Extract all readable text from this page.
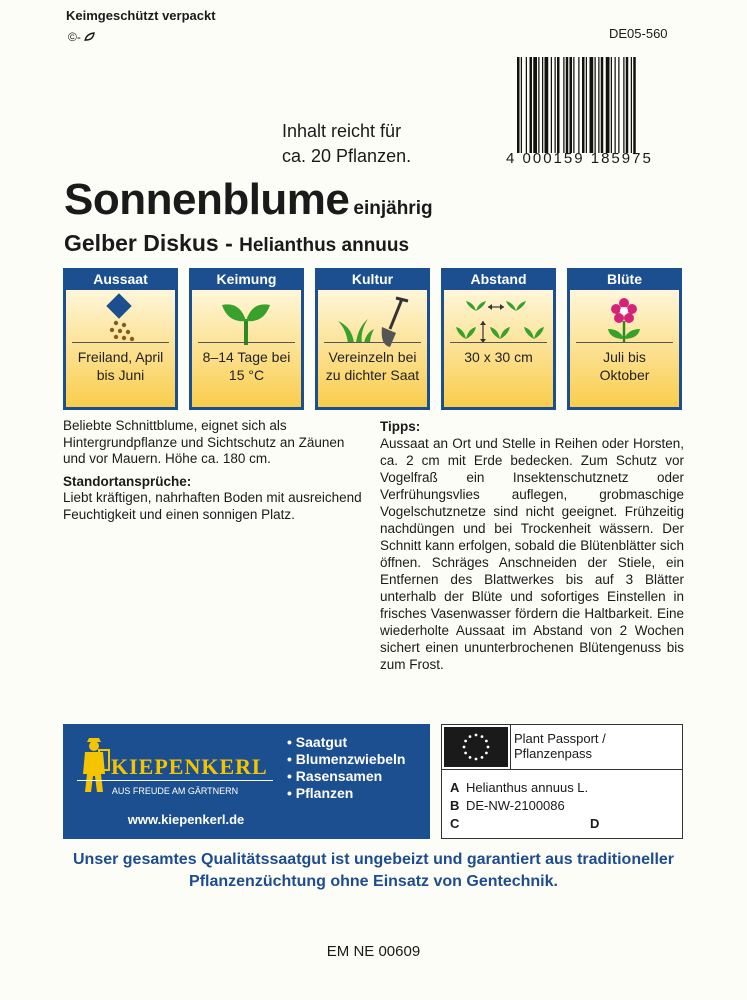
Keimgeschützt verpackt
©-	DE05-560
4 000159 185975
Inhalt reicht für
ca. 20 Pflanzen.
Sonnenblume einjährig
Gelber Diskus - Helianthus annuus
Aussaat
Freiland, April
bis Juni
Keimung
8–14 Tage bei
15 °C
Kultur
Vereinzeln bei
zu dichter Saat
Abstand
30 x 30 cm
Blüte
Juli bis
Oktober

Beliebte Schnittblume, eignet sich als Hintergrundpflanze und Sichtschutz an Zäunen und vor Mauern. Höhe ca. 180 cm.

Standortansprüche:

Liebt kräftigen, nahrhaften Boden mit ausreichend Feuchtigkeit und einen sonnigen Platz.

Tipps:
Aussaat an Ort und Stelle in Reihen oder Horsten, ca. 2 cm mit Erde bedecken. Zum Schutz vor Vogelfraß ein Insektenschutznetz oder Verfrühungsvlies auflegen, grobmaschige Vogelschutznetze sind nicht geeignet. Frühzeitig nachdüngen und bei Trockenheit wässern. Der Schnitt kann erfolgen, sobald die Blütenblätter sich öffnen. Schräges Anschneiden der Stiele, ein Entfernen des Blattwerkes bis auf 3 Blätter unterhalb der Blüte und sofortiges Einstellen in frisches Vasenwasser fördern die Haltbarkeit. Eine wiederholte Aussaat im Abstand von 2 Wochen sichert einen ununterbrochenen Blütengenuss bis zum Frost.
KIEPENKERL
AUS FREUDE AM GÄRTNERN
www.kiepenkerl.de
• Saatgut
• Blumenzwiebeln
• Rasensamen
• Pflanzen
Plant Passport /
Pflanzenpass
A Helianthus annuus L.
B DE-NW-2100086
C	D
Unser gesamtes Qualitätssaatgut ist ungebeizt und garantiert aus traditioneller Pflanzenzüchtung ohne Einsatz von Gentechnik.
EM NE 00609
